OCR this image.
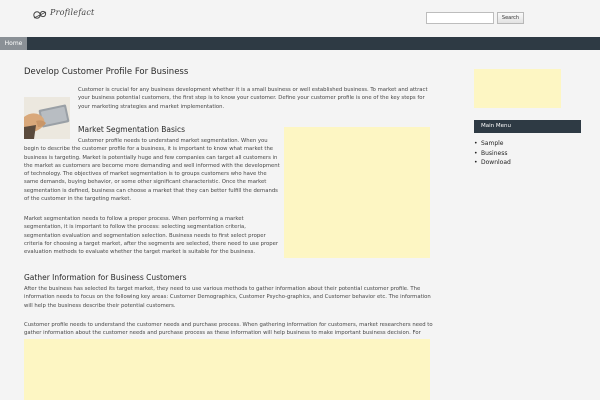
Profilefact
Search
Home
Develop Customer Profile For Business
Customer is crucial for any business development whether it is a small business or well established business. To market and attract your business potential customers, the first step is to know your customer. Define your customer profile is one of the key steps for your marketing strategies and market implementation.
Market Segmentation Basics
Customer profile needs to understand market segmentation. When you begin to describe the customer profile for a business, it is important to know what market the business is targeting. Market is potentially huge and few companies can target all customers in the market as customers are become more demanding and well informed with the development of technology. The objectives of market segmentation is to groups customers who have the same demands, buying behavior, or some other significant characteristic. Once the market segmentation is defined, business can choose a market that they can better fulfill the demands of the customer in the targeting market.
Market segmentation needs to follow a proper process. When performing a market segmentation, it is important to follow the process: selecting segmentation criteria, segmentation evaluation and segmentation selection. Business needs to first select proper criteria for choosing a target market, after the segments are selected, there need to use proper evaluation methods to evaluate whether the target market is suitable for the business.
Gather Information for Business Customers
After the business has selected its target market, they need to use various methods to gather information about their potential customer profile. The information needs to focus on the following key areas: Customer Demographics, Customer Psycho-graphics, and Customer behavior etc. The information will help the business describe their potential customers.
Customer profile needs to understand the customer needs and purchase process. When gathering information for customers, market researchers need to gather information about the customer needs and purchase process as these information will help business to make important business decision. For
Main Menu
• Sample
• Business
• Download
